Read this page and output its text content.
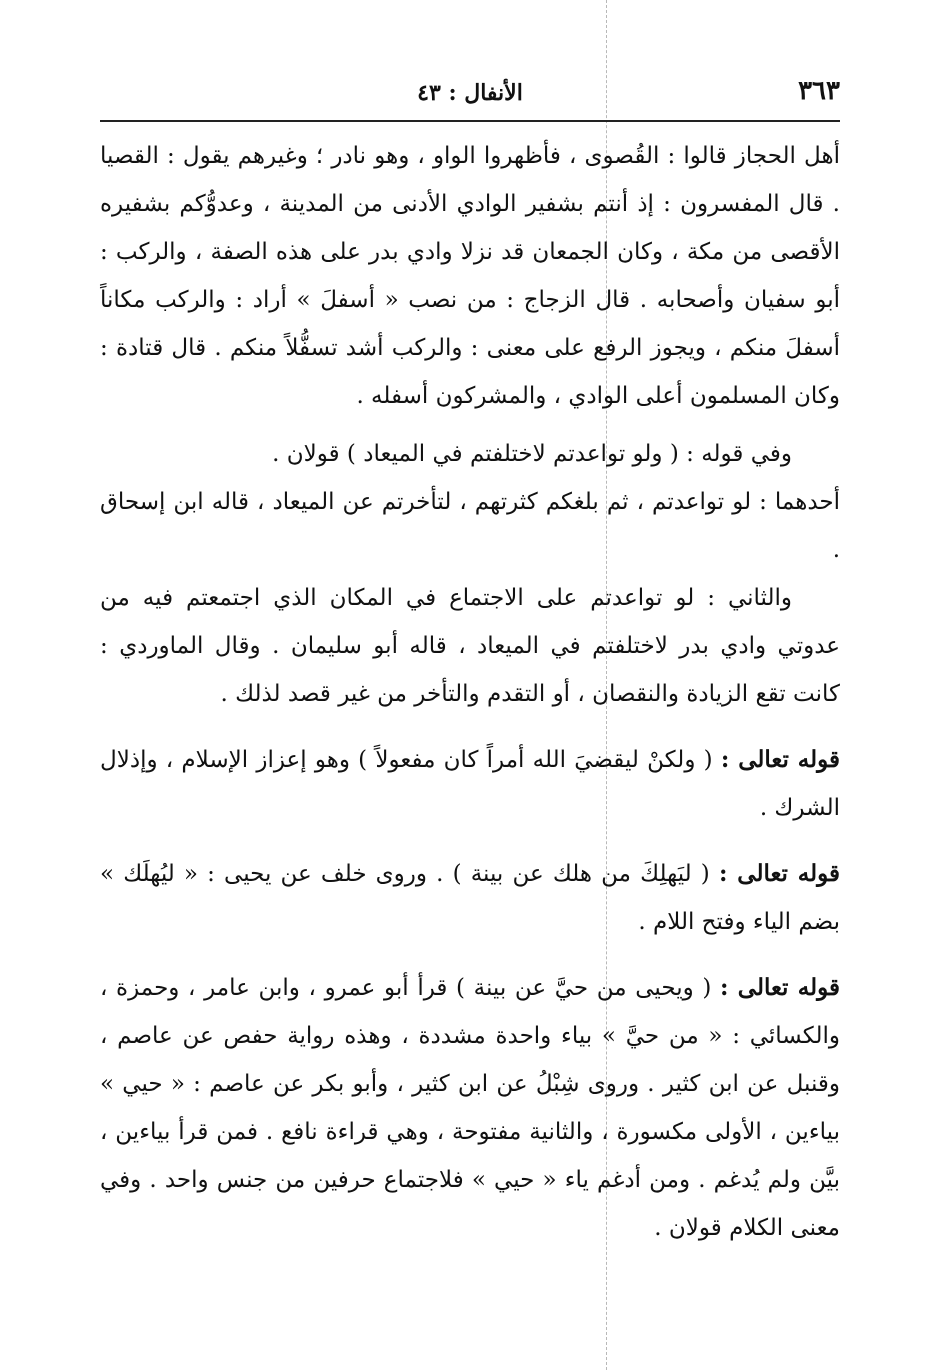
٣٦٣
الأنفال : ٤٣

أهل الحجاز قالوا : القُصوى ، فأظهروا الواو ، وهو نادر ؛ وغيرهم يقول : القصيا . قال المفسرون : إذ أنتم بشفير الوادي الأدنى من المدينة ، وعدوُّكم بشفيره الأقصى من مكة ، وكان الجمعان قد نزلا وادي بدر على هذه الصفة ، والركب : أبو سفيان وأصحابه . قال الزجاج : من نصب « أسفلَ » أراد : والركب مكاناً أسفلَ منكم ، ويجوز الرفع على معنى : والركب أشد تسفُّلاً منكم . قال قتادة : وكان المسلمون أعلى الوادي ، والمشركون أسفله .

وفي قوله : ( ولو تواعدتم لاختلفتم في الميعاد ) قولان .

أحدهما : لو تواعدتم ، ثم بلغكم كثرتهم ، لتأخرتم عن الميعاد ، قاله ابن إسحاق .

والثاني : لو تواعدتم على الاجتماع في المكان الذي اجتمعتم فيه من عدوتي وادي بدر لاختلفتم في الميعاد ، قاله أبو سليمان . وقال الماوردي : كانت تقع الزيادة والنقصان ، أو التقدم والتأخر من غير قصد لذلك .

قوله تعالى : ( ولكنْ ليقضيَ الله أمراً كان مفعولاً ) وهو إعزاز الإسلام ، وإذلال الشرك .

قوله تعالى : ( ليَهلِكَ من هلك عن بينة ) . وروى خلف عن يحيى : « ليُهلَك » بضم الياء وفتح اللام .

قوله تعالى : ( ويحيى من حيَّ عن بينة ) قرأ أبو عمرو ، وابن عامر ، وحمزة ، والكسائي : « من حيَّ » بياء واحدة مشددة ، وهذه رواية حفص عن عاصم ، وقنبل عن ابن كثير . وروى شِبْلُ عن ابن كثير ، وأبو بكر عن عاصم : « حيي » بياءين ، الأولى مكسورة ، والثانية مفتوحة ، وهي قراءة نافع . فمن قرأ بياءين ، بيَّن ولم يُدغم . ومن أدغم ياء « حيي » فلاجتماع حرفين من جنس واحد . وفي معنى الكلام قولان .
